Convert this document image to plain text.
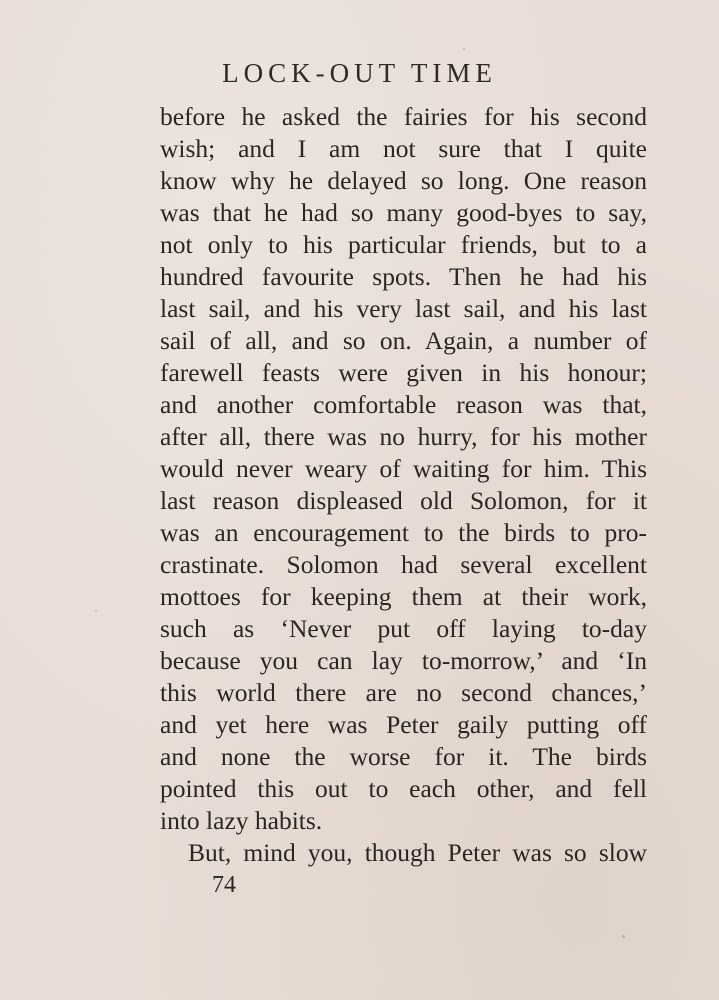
LOCK-OUT TIME
before he asked the fairies for his second
wish; and I am not sure that I quite
know why he delayed so long. One reason
was that he had so many good-byes to say,
not only to his particular friends, but to a
hundred favourite spots. Then he had his
last sail, and his very last sail, and his last
sail of all, and so on. Again, a number of
farewell feasts were given in his honour;
and another comfortable reason was that,
after all, there was no hurry, for his mother
would never weary of waiting for him. This
last reason displeased old Solomon, for it
was an encouragement to the birds to pro-
crastinate. Solomon had several excellent
mottoes for keeping them at their work,
such as ‘Never put off laying to-day
because you can lay to-morrow,’ and ‘In
this world there are no second chances,’
and yet here was Peter gaily putting off
and none the worse for it. The birds
pointed this out to each other, and fell
into lazy habits.
But, mind you, though Peter was so slow
74
